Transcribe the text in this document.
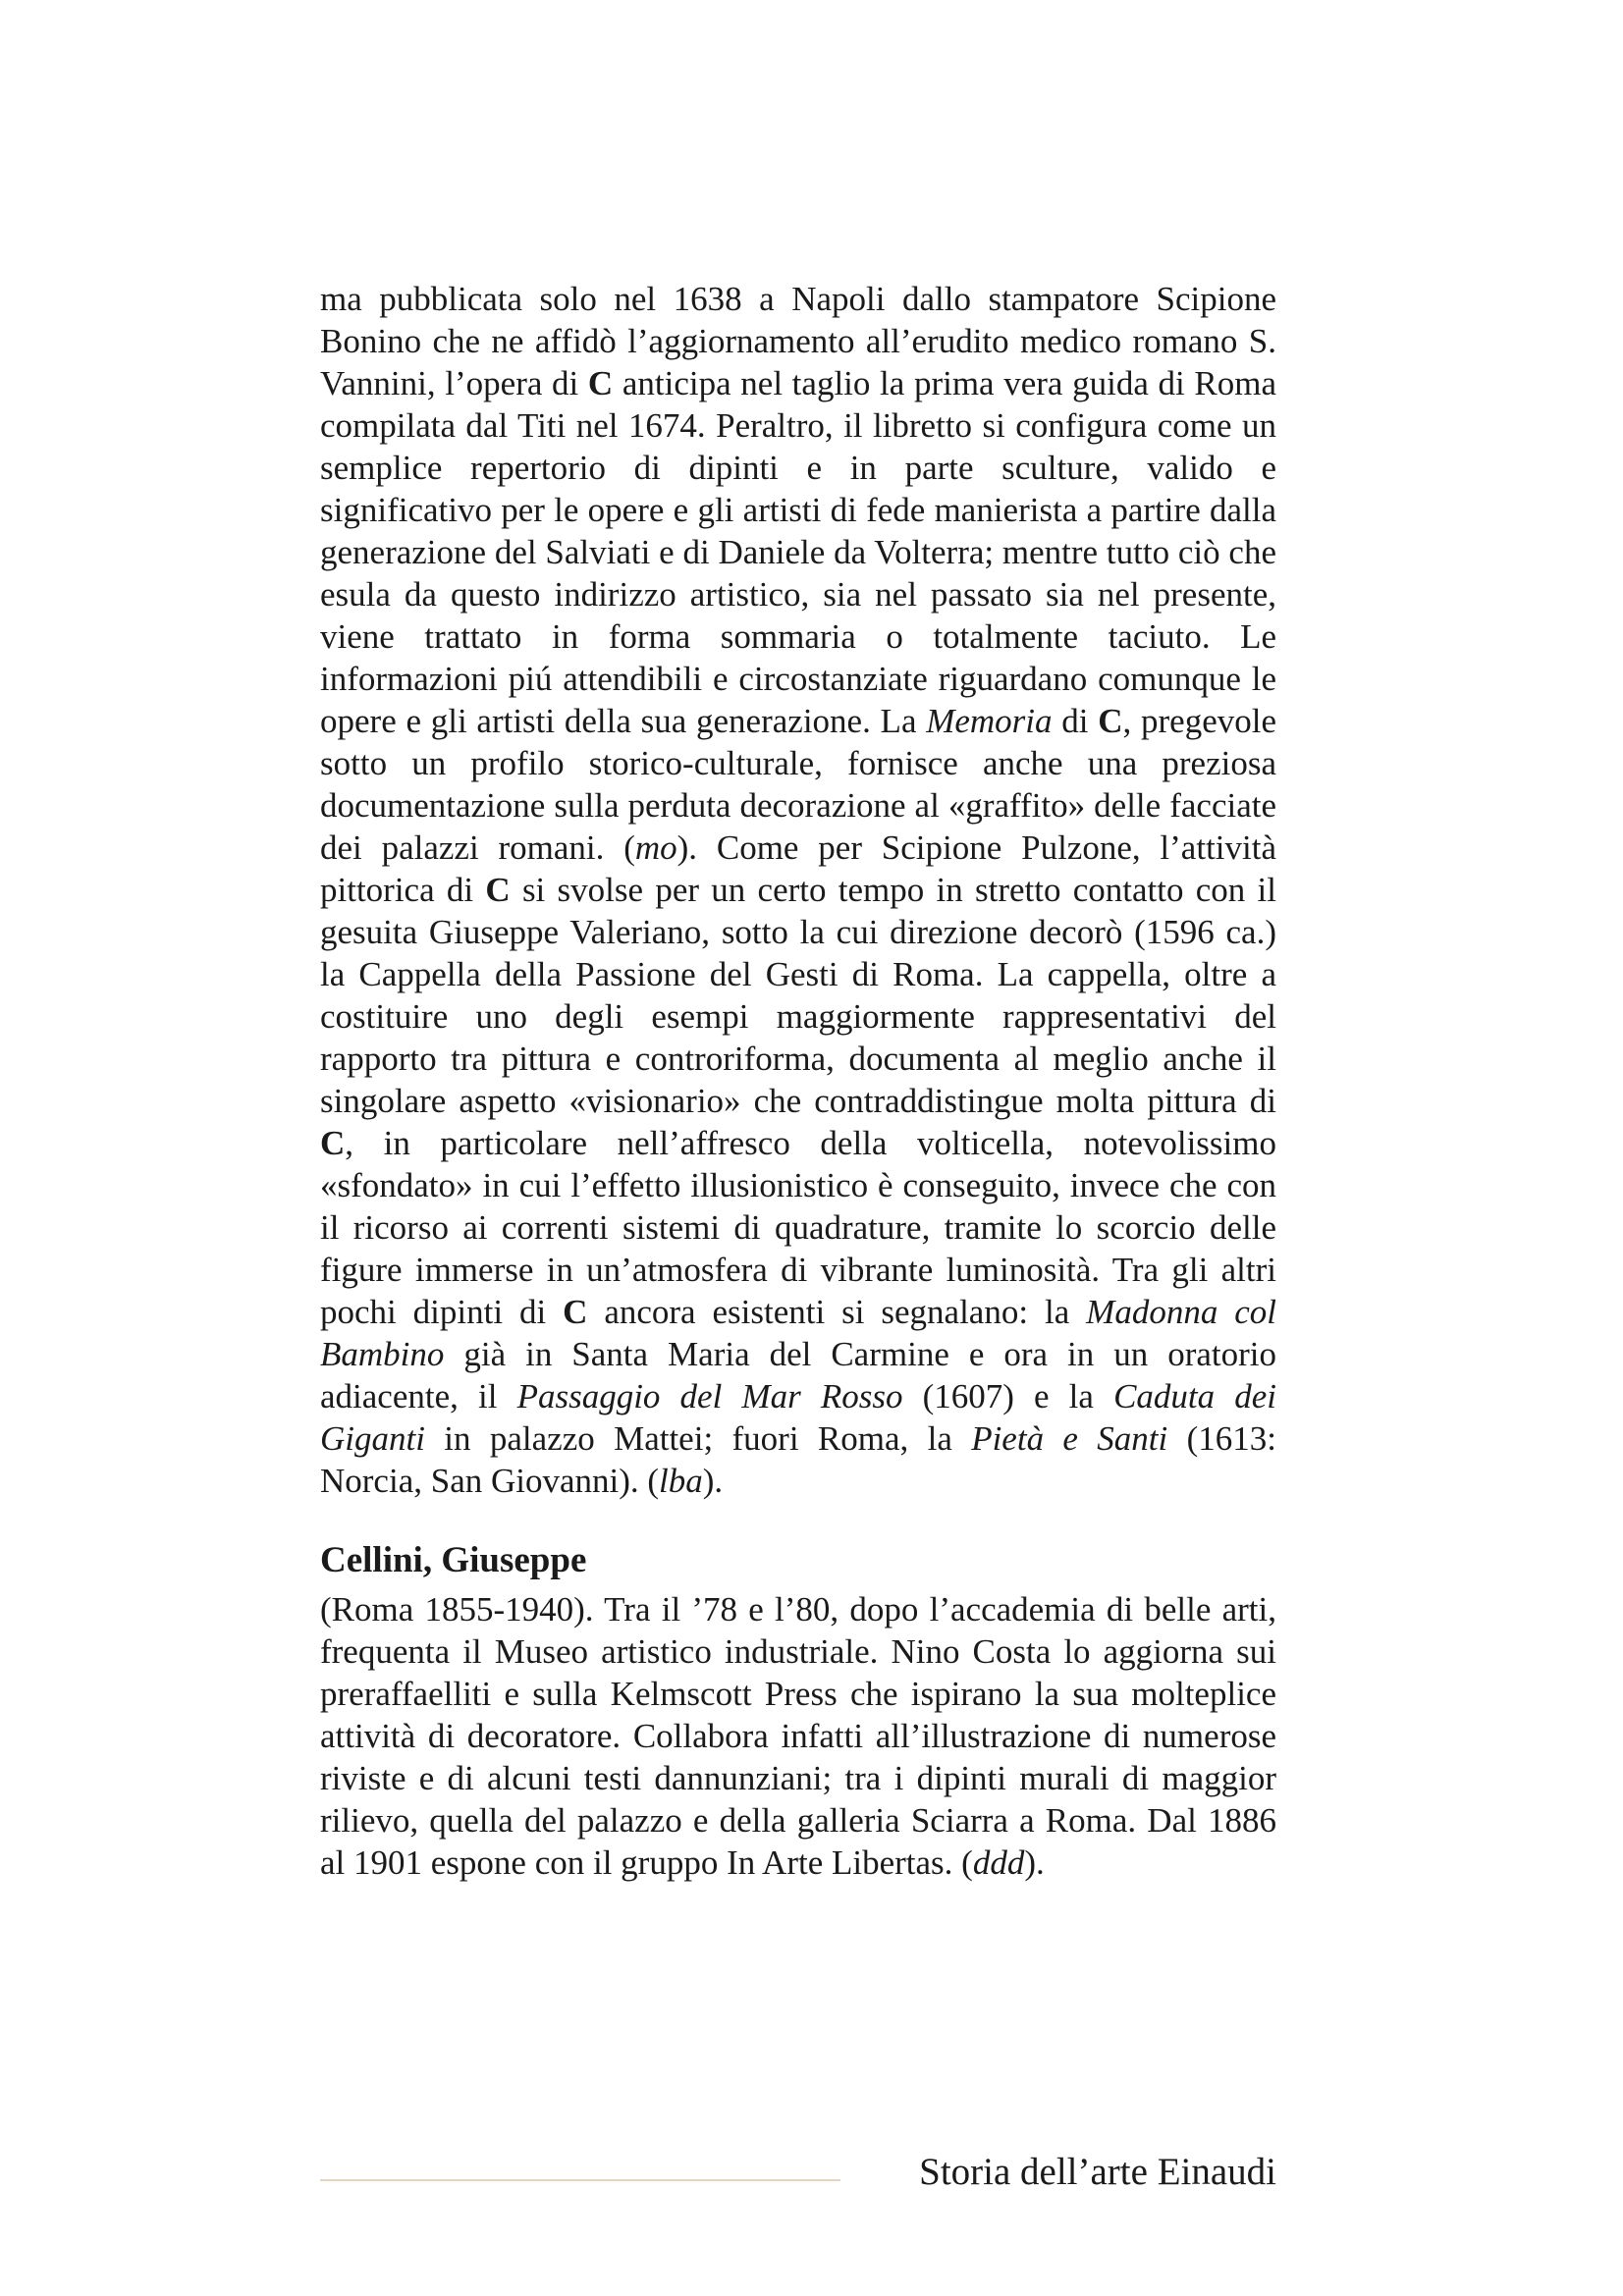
ma pubblicata solo nel 1638 a Napoli dallo stampatore Scipione Bonino che ne affidò l’aggiornamento all’erudito medico romano S. Vannini, l’opera di C anticipa nel taglio la prima vera guida di Roma compilata dal Titi nel 1674. Peraltro, il libretto si configura come un semplice repertorio di dipinti e in parte sculture, valido e significativo per le opere e gli artisti di fede manierista a partire dalla generazione del Salviati e di Daniele da Volterra; mentre tutto ciò che esula da questo indirizzo artistico, sia nel passato sia nel presente, viene trattato in forma sommaria o totalmente taciuto. Le informazioni piú attendibili e circostanziate riguardano comunque le opere e gli artisti della sua generazione. La Memoria di C, pregevole sotto un profilo storico-culturale, fornisce anche una preziosa documentazione sulla perduta decorazione al «graffito» delle facciate dei palazzi romani. (mo). Come per Scipione Pulzone, l’attività pittorica di C si svolse per un certo tempo in stretto contatto con il gesuita Giuseppe Valeriano, sotto la cui direzione decorò (1596 ca.) la Cappella della Passione del Gesti di Roma. La cappella, oltre a costituire uno degli esempi maggiormente rappresentativi del rapporto tra pittura e controriforma, documenta al meglio anche il singolare aspetto «visionario» che contraddistingue molta pittura di C, in particolare nell’affresco della volticella, notevolissimo «sfondato» in cui l’effetto illusionistico è conseguito, invece che con il ricorso ai correnti sistemi di quadrature, tramite lo scorcio delle figure immerse in un’atmosfera di vibrante luminosità. Tra gli altri pochi dipinti di C ancora esistenti si segnalano: la Madonna col Bambino già in Santa Maria del Carmine e ora in un oratorio adiacente, il Passaggio del Mar Rosso (1607) e la Caduta dei Giganti in palazzo Mattei; fuori Roma, la Pietà e Santi (1613: Norcia, San Giovanni). (lba).

Cellini, Giuseppe

(Roma 1855-1940). Tra il ’78 e l’80, dopo l’accademia di belle arti, frequenta il Museo artistico industriale. Nino Costa lo aggiorna sui preraffaelliti e sulla Kelmscott Press che ispirano la sua molteplice attività di decoratore. Collabora infatti all’illustrazione di numerose riviste e di alcuni testi dannunziani; tra i dipinti murali di maggior rilievo, quella del palazzo e della galleria Sciarra a Roma. Dal 1886 al 1901 espone con il gruppo In Arte Libertas. (ddd).

Storia dell’arte Einaudi
